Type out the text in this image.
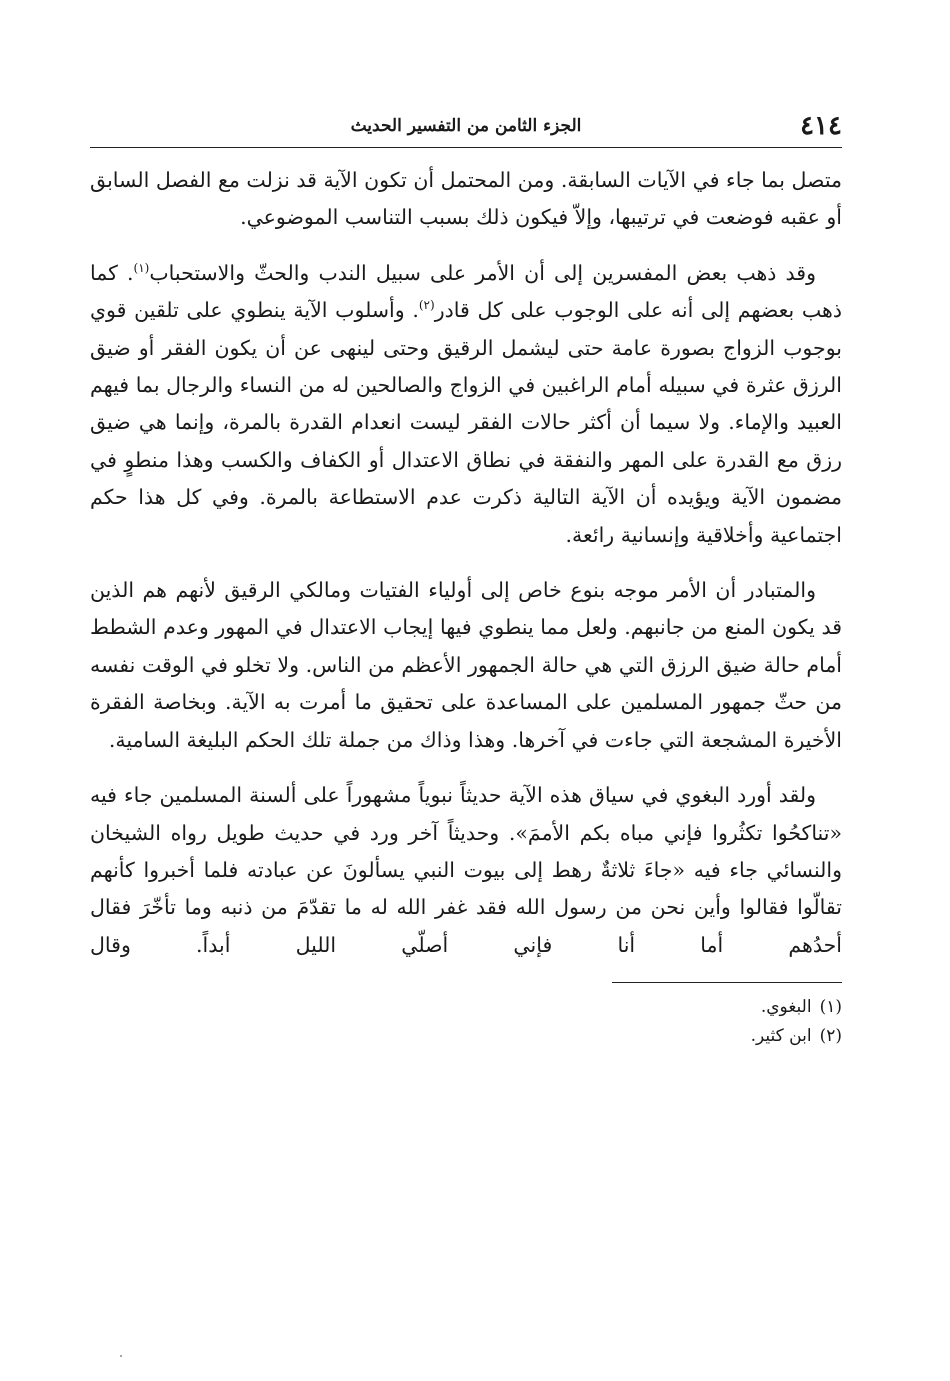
٤١٤
الجزء الثامن من التفسير الحديث

متصل بما جاء في الآيات السابقة. ومن المحتمل أن تكون الآية قد نزلت مع الفصل السابق أو عقبه فوضعت في ترتيبها، وإلاّ فيكون ذلك بسبب التناسب الموضوعي.

وقد ذهب بعض المفسرين إلى أن الأمر على سبيل الندب والحثّ والاستحباب$^{(١)}$. كما ذهب بعضهم إلى أنه على الوجوب على كل قادر$^{(٢)}$. وأسلوب الآية ينطوي على تلقين قوي بوجوب الزواج بصورة عامة حتى ليشمل الرقيق وحتى لينهى عن أن يكون الفقر أو ضيق الرزق عثرة في سبيله أمام الراغبين في الزواج والصالحين له من النساء والرجال بما فيهم العبيد والإماء. ولا سيما أن أكثر حالات الفقر ليست انعدام القدرة بالمرة، وإنما هي ضيق رزق مع القدرة على المهر والنفقة في نطاق الاعتدال أو الكفاف والكسب وهذا منطوٍ في مضمون الآية ويؤيده أن الآية التالية ذكرت عدم الاستطاعة بالمرة. وفي كل هذا حكم اجتماعية وأخلاقية وإنسانية رائعة.

والمتبادر أن الأمر موجه بنوع خاص إلى أولياء الفتيات ومالكي الرقيق لأنهم هم الذين قد يكون المنع من جانبهم. ولعل مما ينطوي فيها إيجاب الاعتدال في المهور وعدم الشطط أمام حالة ضيق الرزق التي هي حالة الجمهور الأعظم من الناس. ولا تخلو في الوقت نفسه من حثّ جمهور المسلمين على المساعدة على تحقيق ما أمرت به الآية. وبخاصة الفقرة الأخيرة المشجعة التي جاءت في آخرها. وهذا وذاك من جملة تلك الحكم البليغة السامية.

ولقد أورد البغوي في سياق هذه الآية حديثاً نبوياً مشهوراً على ألسنة المسلمين جاء فيه «تناكحُوا تكثُروا فإني مباه بكم الأممَ». وحديثاً آخر ورد في حديث طويل رواه الشيخان والنسائي جاء فيه «جاءَ ثلاثةٌ رهط إلى بيوت النبي يسألونَ عن عبادته فلما أخبروا كأنهم تقالّوا فقالوا وأين نحن من رسول الله فقد غفر الله له ما تقدّمَ من ذنبه وما تأخّرَ فقال أحدُهم أما أنا فإني أصلّي الليل أبداً. وقال

(١)البغوي.

(٢)ابن كثير.
